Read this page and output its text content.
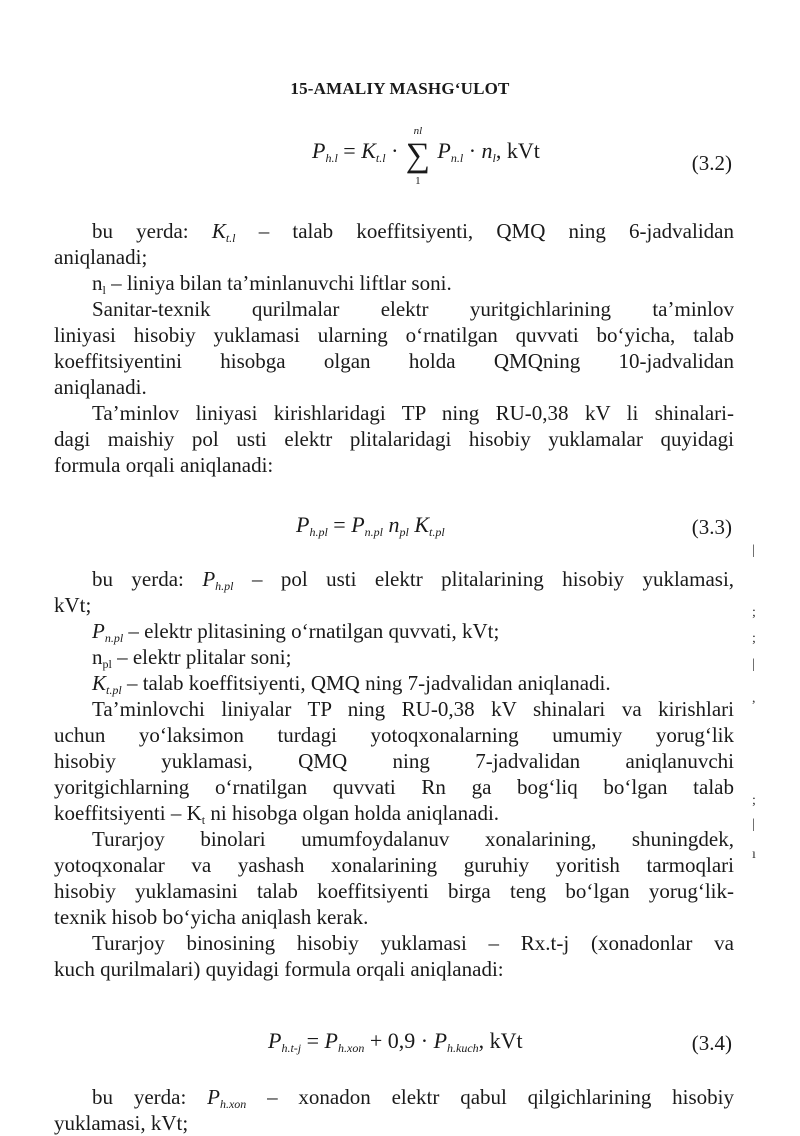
15-AMALIY MASHG‘ULOT
$P_{h.l} = K_{t.l}$ ·
nl
∑
1
$P_{n.l} \cdot n_l$, kVt	(3.2)
bu yerda: $K_{t.l}$ – talab koeffitsiyenti, QMQ ning 6-jadvalidan
aniqlanadi;
$n_l$ – liniya bilan ta’minlanuvchi liftlar soni.
Sanitar-texnik qurilmalar elektr yuritgichlarining ta’minlov
liniyasi hisobiy yuklamasi ularning o‘rnatilgan quvvati bo‘yicha, talab
koeffitsiyentini hisobga olgan holda QMQning 10-jadvalidan
aniqlanadi.
Ta’minlov liniyasi kirishlaridagi TP ning RU-0,38 kV li shinalari-
dagi maishiy pol usti elektr plitalaridagi hisobiy yuklamalar quyidagi
formula orqali aniqlanadi:
$P_{h.pl} = P_{n.pl}$ $n_{pl}$ $K_{t.pl}$	(3.3)
bu yerda: $P_{h.pl}$ – pol usti elektr plitalarining hisobiy yuklamasi,
kVt;
$P_{n.pl}$ – elektr plitasining o‘rnatilgan quvvati, kVt;
$n_{pl}$ – elektr plitalar soni;
$K_{t.pl}$ – talab koeffitsiyenti, QMQ ning 7-jadvalidan aniqlanadi.
Ta’minlovchi liniyalar TP ning RU-0,38 kV shinalari va kirishlari
uchun yo‘laksimon turdagi yotoqxonalarning umumiy yorug‘lik
hisobiy yuklamasi, QMQ ning 7-jadvalidan aniqlanuvchi
yoritgichlarning o‘rnatilgan quvvati Rn ga bog‘liq bo‘lgan talab
koeffitsiyenti – $K_t$ ni hisobga olgan holda aniqlanadi.
Turarjoy binolari umumfoydalanuv xonalarining, shuningdek,
yotoqxonalar va yashash xonalarining guruhiy yoritish tarmoqlari
hisobiy yuklamasini talab koeffitsiyenti birga teng bo‘lgan yorug‘lik-
texnik hisob bo‘yicha aniqlash kerak.
Turarjoy binosining hisobiy yuklamasi – Rx.t-j (xonadonlar va
kuch qurilmalari) quyidagi formula orqali aniqlanadi:
$P_{h.t-j} = P_{h.xon} + 0,9 \cdot P_{h.kuch}$, kVt	(3.4)
bu yerda: $P_{h.xon}$ – xonadon elektr qabul qilgichlarining hisobiy
yuklamasi, kVt;
|
;
;
|
,
;
|
ı
